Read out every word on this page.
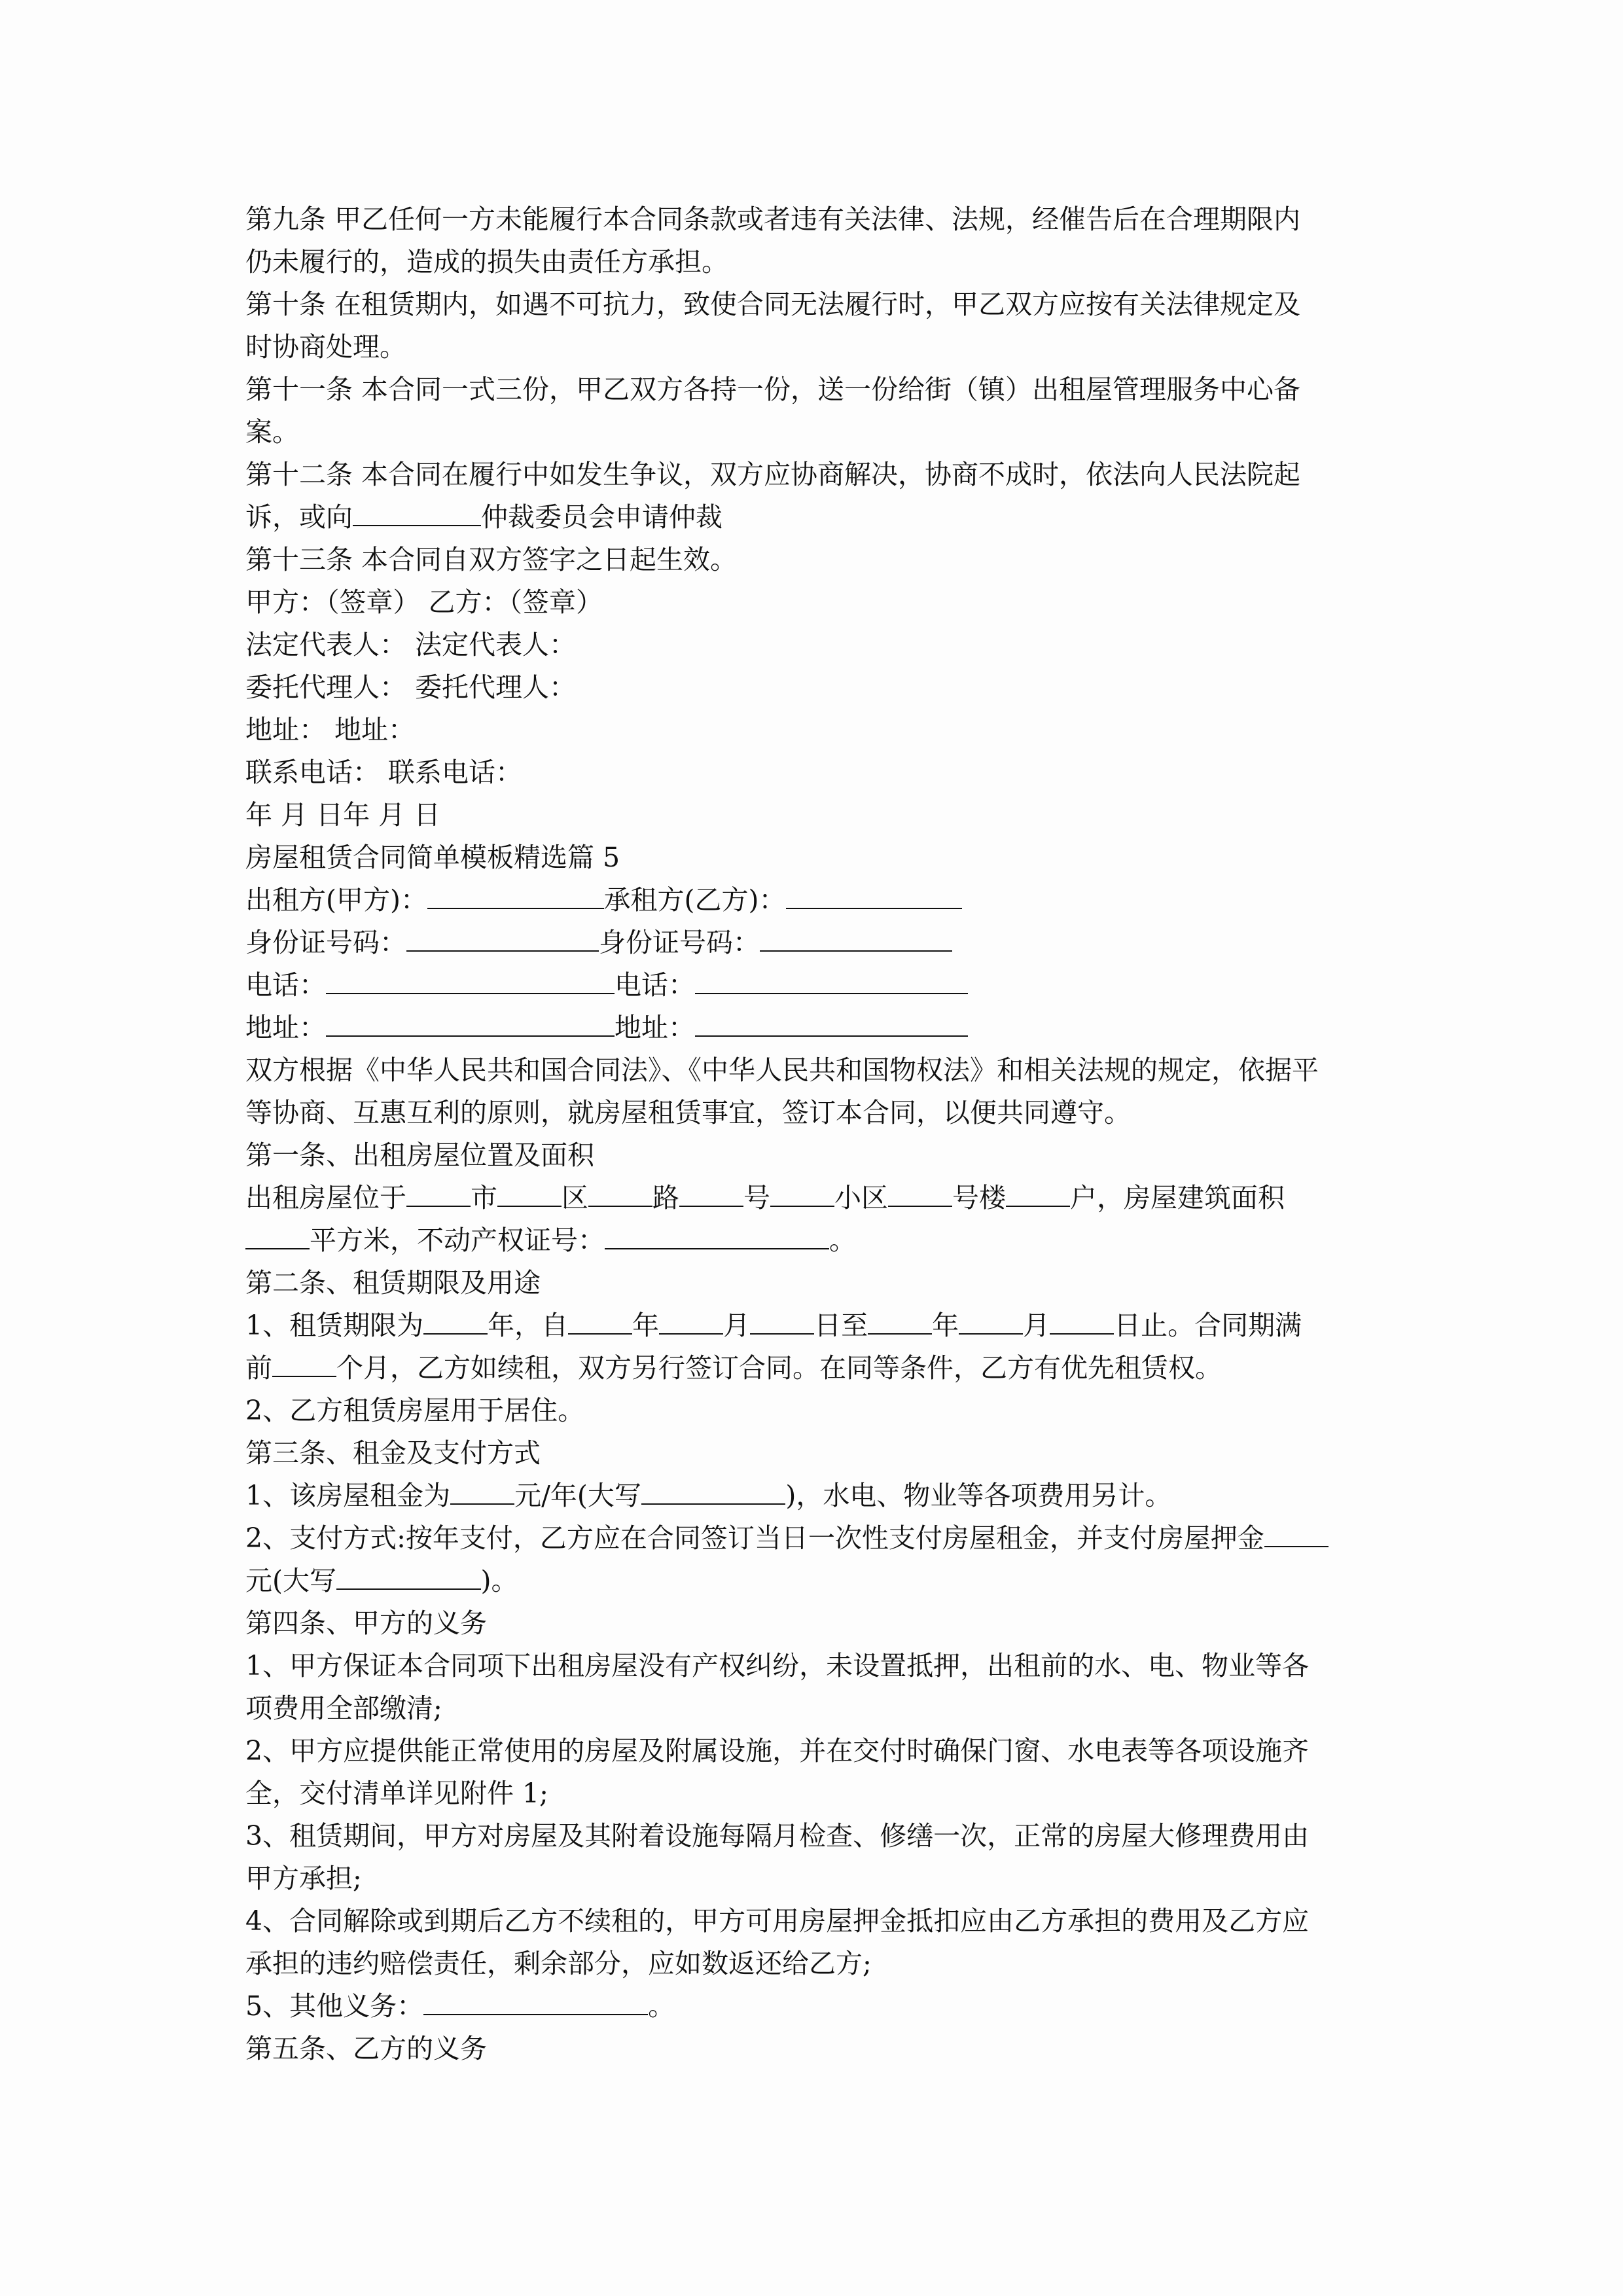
第九条 甲乙任何一方未能履行本合同条款或者违有关法律、法规，经催告后在合理期限内
仍未履行的，造成的损失由责任方承担。
第十条 在租赁期内，如遇不可抗力，致使合同无法履行时，甲乙双方应按有关法律规定及
时协商处理。
第十一条 本合同一式三份，甲乙双方各持一份，送一份给街（镇）出租屋管理服务中心备
案。
第十二条 本合同在履行中如发生争议，双方应协商解决，协商不成时，依法向人民法院起
诉，或向	仲裁委员会申请仲裁
第十三条 本合同自双方签字之日起生效。
甲方：（签章） 乙方：（签章）
法定代表人： 法定代表人：
委托代理人： 委托代理人：
地址： 地址：
联系电话： 联系电话：
年 月 日年 月 日
房屋租赁合同简单模板精选篇 5
出租方(甲方)：	承租方(乙方)：
身份证号码：	身份证号码：
电话：	电话：
地址：	地址：
双方根据《中华人民共和国合同法》、《中华人民共和国物权法》和相关法规的规定，依据平
等协商、互惠互利的原则，就房屋租赁事宜，签订本合同，以便共同遵守。
第一条、出租房屋位置及面积
出租房屋位于 市 区 路 号 小区 号楼 户，房屋建筑面积
平方米，不动产权证号：	。
第二条、租赁期限及用途
1、租赁期限为 年，自 年 月 日至 年 月 日止。合同期满
前 个月，乙方如续租，双方另行签订合同。在同等条件，乙方有优先租赁权。
2、乙方租赁房屋用于居住。
第三条、租金及支付方式
1、该房屋租金为 元/年(大写	)，水电、物业等各项费用另计。
2、支付方式:按年支付，乙方应在合同签订当日一次性支付房屋租金，并支付房屋押金
元(大写	)。
第四条、甲方的义务
1、甲方保证本合同项下出租房屋没有产权纠纷，未设置抵押，出租前的水、电、物业等各
项费用全部缴清;
2、甲方应提供能正常使用的房屋及附属设施，并在交付时确保门窗、水电表等各项设施齐
全，交付清单详见附件 1;
3、租赁期间，甲方对房屋及其附着设施每隔月检查、修缮一次，正常的房屋大修理费用由
甲方承担;
4、合同解除或到期后乙方不续租的，甲方可用房屋押金抵扣应由乙方承担的费用及乙方应
承担的违约赔偿责任，剩余部分，应如数返还给乙方;
5、其他义务：	。
第五条、乙方的义务
